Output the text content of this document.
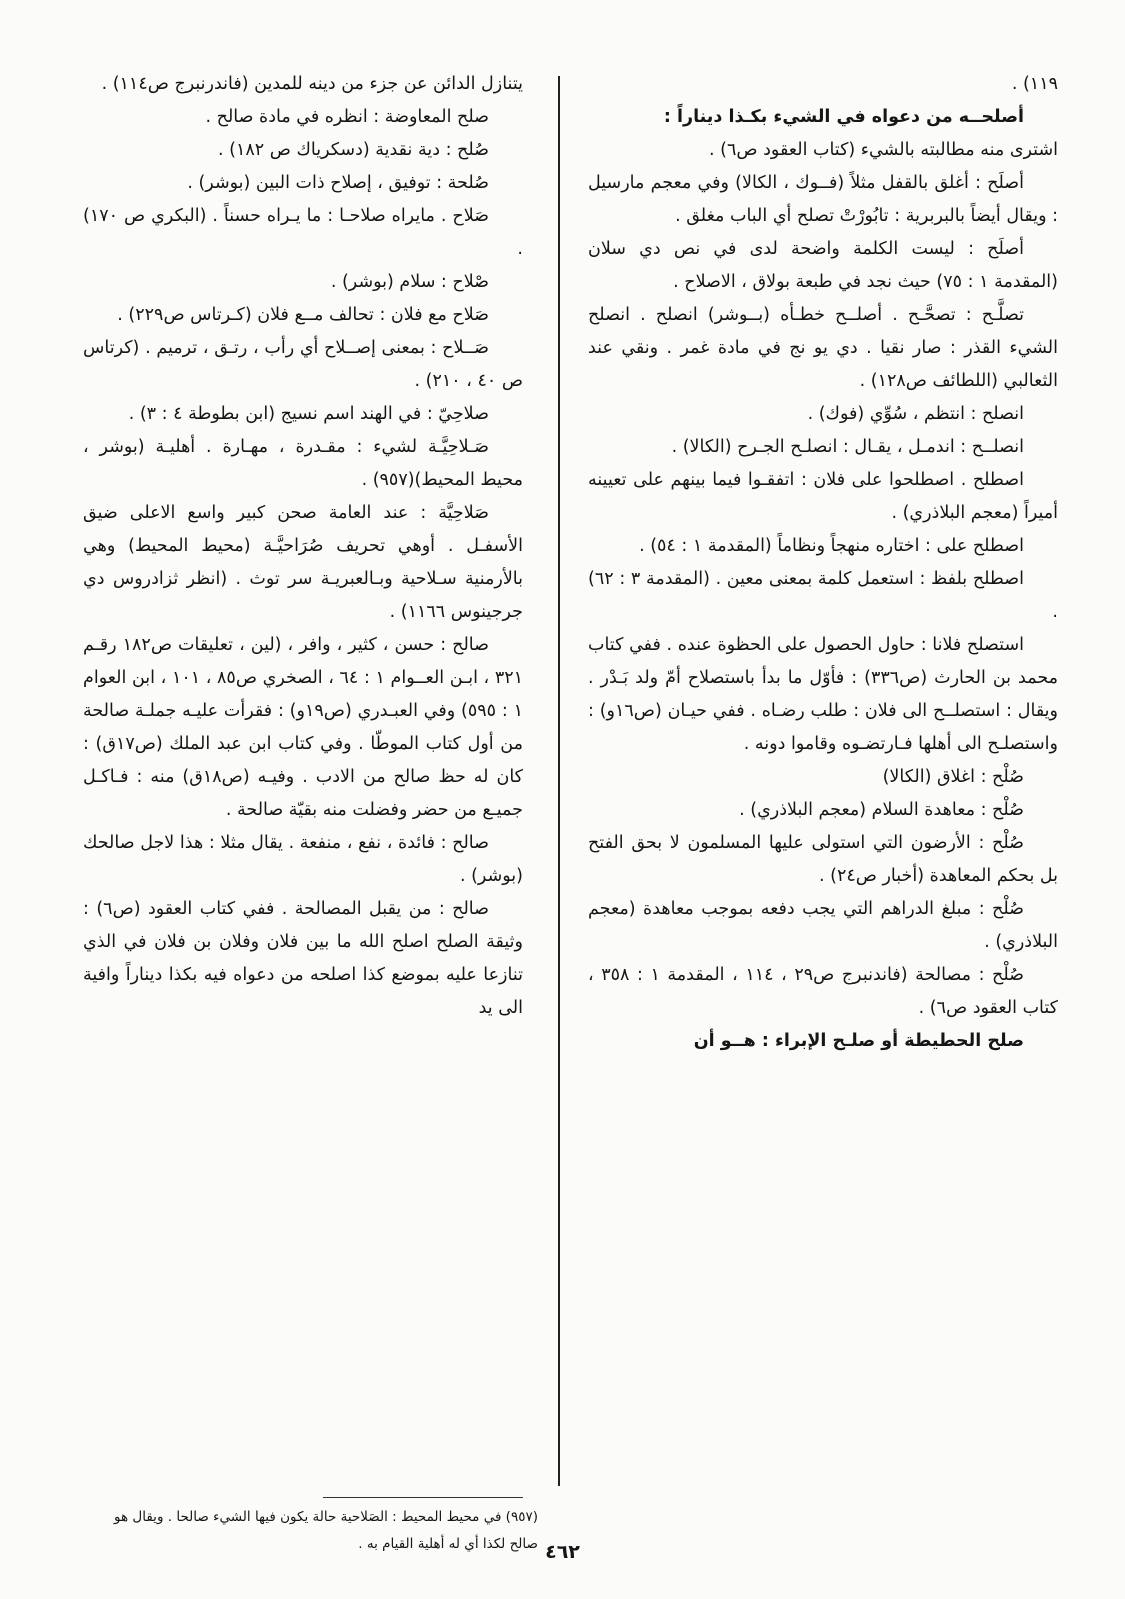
١١٩) .

أصلحــه من دعواه في الشيء بكـذا ديناراً :

اشترى منه مطالبته بالشيء (كتاب العقود ص٦) .

أصلَح : أغلق بالقفل مثلاً (فــوك ، الكالا) وفي معجم مارسيل : ويقال أيضاً بالبربرية : تابُورْتْ تصلح أي الباب مغلق .

أصلَح : ليست الكلمة واضحة لدى في نص دي سلان (المقدمة ١ : ٧٥) حيث نجد في طبعة بولاق ، الاصلاح .

تصلَّـح : تصحَّـح . أصلــح خطـأه (بــوشر) انصلح . انصلح الشيء القذر : صار نقيا . دي يو نج في مادة غمر . ونقي عند الثعالبي (اللطائف ص١٢٨) .

انصلح : انتظم ، سُوِّي (فوك) .

انصلــح : اندمـل ، يقـال : انصلـح الجـرح (الكالا) .

اصطلح . اصطلحوا على فلان : اتفقـوا فيما بينهم على تعيينه أميراً (معجم البلاذري) .

اصطلح على : اختاره منهجاً ونظاماً (المقدمة ١ : ٥٤) .

اصطلح بلفظ : استعمل كلمة بمعنى معين . (المقدمة ٣ : ٦٢) .

استصلح فلانا : حاول الحصول على الحظوة عنده . ففي كتاب محمد بن الحارث (ص٣٣٦) : فأوّل ما بدأ باستصلاح أمّ ولد بَـدْر . ويقال : استصلــح الى فلان : طلب رضـاه . ففي حيـان (ص١٦و) : واستصلـح الى أهلها فـارتضـوه وقاموا دونه .

صُلْح : اغلاق (الكالا)

صُلْح : معاهدة السلام (معجم البلاذري) .

صُلْح : الأرضون التي استولى عليها المسلمون لا بحق الفتح بل بحكم المعاهدة (أخبار ص٢٤) .

صُلْح : مبلغ الدراهم التي يجب دفعه بموجب معاهدة (معجم البلاذري) .

صُلْح : مصالحة (فاندنبرج ص٢٩ ، ١١٤ ، المقدمة ١ : ٣٥٨ ، كتاب العقود ص٦) .

صلح الحطيطة أو صلـح الإبراء : هــو أن

يتنازل الدائن عن جزء من دينه للمدين (فاندرنبرج ص١١٤) .

صلح المعاوضة : انظره في مادة صالح .

صُلح : دية نقدية (دسكرياك ص ١٨٢) .

صُلحة : توفيق ، إصلاح ذات البين (بوشر) .

صَلاح . مايراه صلاحـا : ما يـراه حسناً . (البكري ص ١٧٠) .

صْلاح : سلام (بوشر) .

صَلاح مع فلان : تحالف مــع فلان (كـرتاس ص٢٢٩) .

صَــلاح : بمعنى إصــلاح أي رأب ، رتـق ، ترميم . (كرتاس ص ٤٠ ، ٢١٠) .

صلاحِيّ : في الهند اسم نسيج (ابن بطوطة ٤ : ٣) .

صَـلاحِيَّـة لشيء : مقـدرة ، مهـارة . أهليـة (بوشر ، محيط المحيط)(٩٥٧) .

صَلاحِيَّة : عند العامة صحن كبير واسع الاعلى ضيق الأسفـل . أوهي تحريف صُرَاحيَّـة (محيط المحيط) وهي بالأرمنية سـلاحية وبـالعبريـة سر توث . (انظر ثزادروس دي جرجينوس ١١٦٦) .

صالح : حسن ، كثير ، وافر ، (لين ، تعليقات ص١٨٢ رقـم ٣٢١ ، ابـن العــوام ١ : ٦٤ ، الصخري ص٨٥ ، ١٠١ ، ابن العوام ١ : ٥٩٥) وفي العبـدري (ص١٩و) : فقرأت عليـه جملـة صالحة من أول كتاب الموطّا . وفي كتاب ابن عبد الملك (ص١٧ق) : كان له حظ صالح من الادب . وفيـه (ص١٨ق) منه : فـاكـل جميـع من حضر وفضلت منه بقيّة صالحة .

صالح : فائدة ، نفع ، منفعة . يقال مثلا : هذا لاجل صالحك (بوشر) .

صالح : من يقبل المصالحة . ففي كتاب العقود (ص٦) : وثيقة الصلح اصلح الله ما بين فلان وفلان بن فلان في الذي تنازعا عليه بموضع كذا اصلحه من دعواه فيه بكذا ديناراً وافية الى يد

(٩٥٧) في محيط المحيط : الصَلاحية حالة يكون فيها الشيء صالحا . ويقال هو صالح لكذا أي له أهلية القيام به . ٤٦٢
